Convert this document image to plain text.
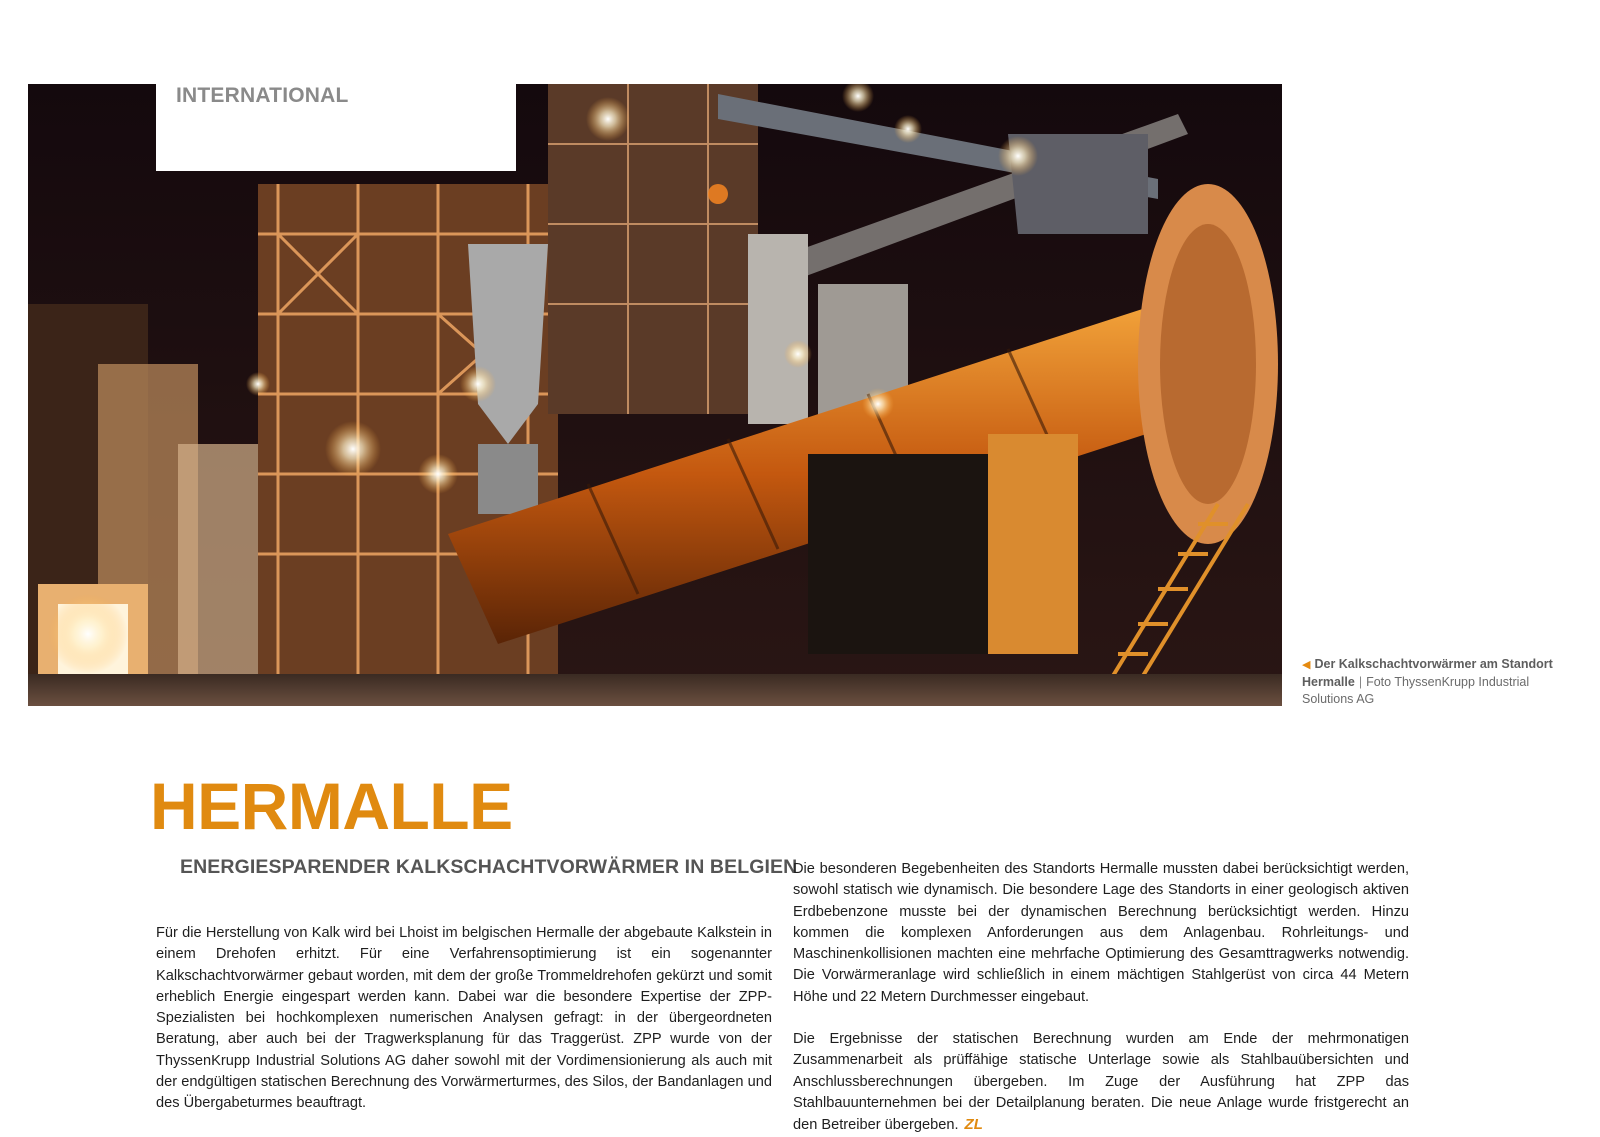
INTERNATIONAL
◀ Der Kalkschachtvorwärmer am Standort Hermalle | Foto ThyssenKrupp Industrial Solutions AG
HERMALLE
ENERGIESPARENDER KALKSCHACHTVORWÄRMER IN BELGIEN

Für die Herstellung von Kalk wird bei Lhoist im belgischen Hermalle der abgebaute Kalkstein in einem Drehofen erhitzt. Für eine Verfahrensoptimierung ist ein sogenannter Kalkschachtvorwärmer gebaut worden, mit dem der große Trommeldrehofen gekürzt und somit erheblich Energie eingespart werden kann. Dabei war die besondere Expertise der ZPP-Spezialisten bei hochkomplexen numerischen Analysen gefragt: in der übergeordneten Beratung, aber auch bei der Tragwerksplanung für das Traggerüst. ZPP wurde von der ThyssenKrupp Industrial Solutions AG daher sowohl mit der Vordimensionierung als auch mit der endgültigen statischen Berechnung des Vorwärmerturmes, des Silos, der Bandanlagen und des Übergabeturmes beauftragt.

Die besonderen Begebenheiten des Standorts Hermalle mussten dabei berücksichtigt werden, sowohl statisch wie dynamisch. Die besondere Lage des Standorts in einer geologisch aktiven Erdbebenzone musste bei der dynamischen Berechnung berücksichtigt werden. Hinzu kommen die komplexen Anforderungen aus dem Anlagenbau. Rohrleitungs- und Maschinenkollisionen machten eine mehrfache Optimierung des Gesamttragwerks notwendig. Die Vorwärmeranlage wird schließlich in einem mächtigen Stahlgerüst von circa 44 Metern Höhe und 22 Metern Durchmesser eingebaut.

Die Ergebnisse der statischen Berechnung wurden am Ende der mehrmonatigen Zusammenarbeit als prüffähige statische Unterlage sowie als Stahlbauübersichten und Anschlussberechnungen übergeben. Im Zuge der Ausführung hat ZPP das Stahlbauunternehmen bei der Detailplanung beraten. Die neue Anlage wurde fristgerecht an den Betreiber übergeben. ZL
